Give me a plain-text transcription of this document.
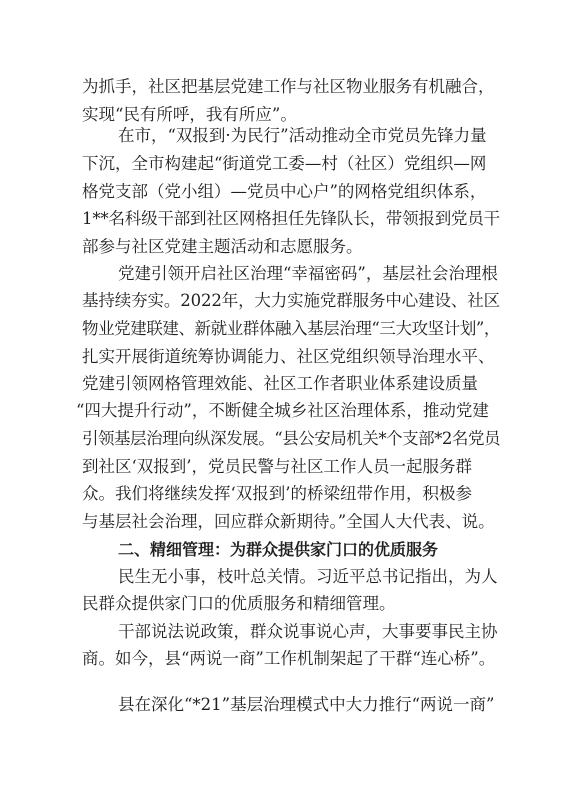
为抓手，社区把基层党建工作与社区物业服务有机融合，
实现“民有所呼，我有所应”。
在市，“双报到·为民行”活动推动全市党员先锋力量
下沉，全市构建起“街道党工委—村（社区）党组织—网
格党支部（党小组）—党员中心户”的网格党组织体系，
1**名科级干部到社区网格担任先锋队长，带领报到党员干
部参与社区党建主题活动和志愿服务。
党建引领开启社区治理“幸福密码”，基层社会治理根
基持续夯实。2022年，大力实施党群服务中心建设、社区
物业党建联建、新就业群体融入基层治理“三大攻坚计划”，
扎实开展街道统筹协调能力、社区党组织领导治理水平、
党建引领网格管理效能、社区工作者职业体系建设质量
“四大提升行动”，不断健全城乡社区治理体系，推动党建
引领基层治理向纵深发展。“县公安局机关*个支部*2名党员
到社区‘双报到’，党员民警与社区工作人员一起服务群
众。我们将继续发挥‘双报到’的桥梁纽带作用，积极参
与基层社会治理，回应群众新期待。”全国人大代表、说。
二、精细管理：为群众提供家门口的优质服务
民生无小事，枝叶总关情。习近平总书记指出，为人
民群众提供家门口的优质服务和精细管理。
干部说法说政策，群众说事说心声，大事要事民主协
商。如今，县“两说一商”工作机制架起了干群“连心桥”。
县在深化“*21”基层治理模式中大力推行“两说一商”
